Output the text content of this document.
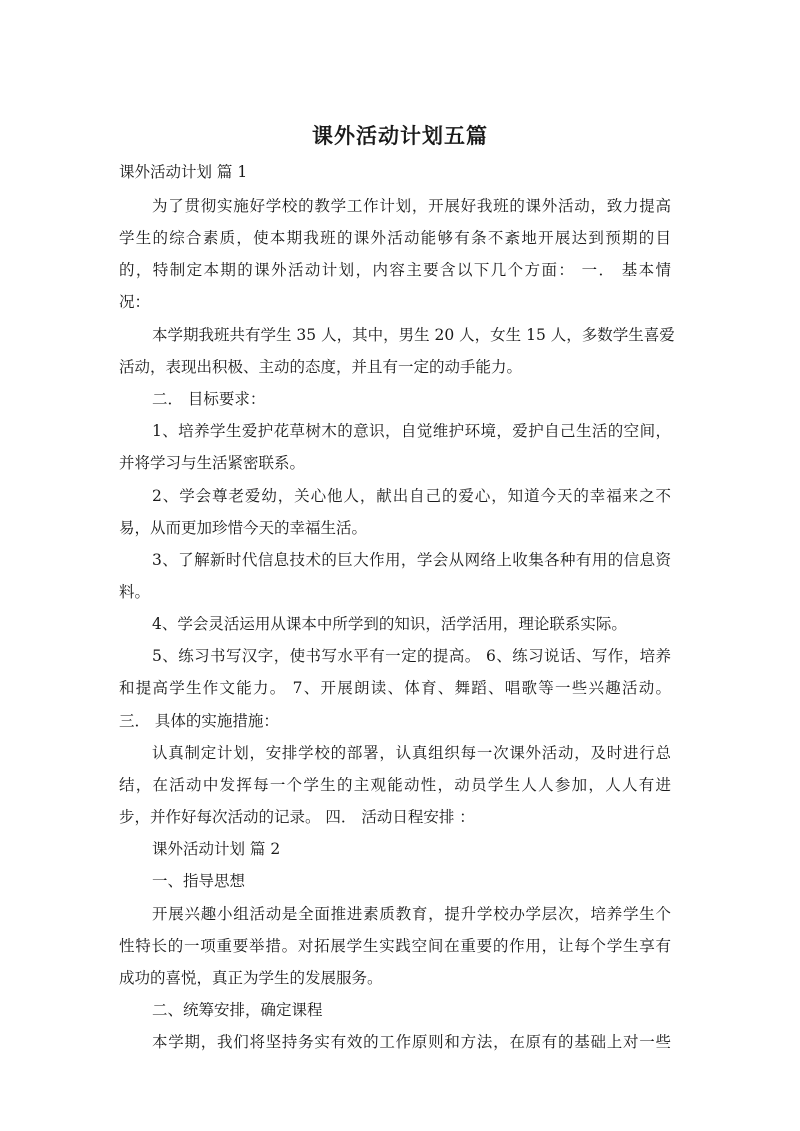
课外活动计划五篇
课外活动计划 篇 1
为了贯彻实施好学校的教学工作计划，开展好我班的课外活动，致力提高
学生的综合素质，使本期我班的课外活动能够有条不紊地开展达到预期的目
的，特制定本期的课外活动计划，内容主要含以下几个方面： 一． 基本情
况：
本学期我班共有学生 35 人，其中，男生 20 人，女生 15 人，多数学生喜爱
活动，表现出积极、主动的态度，并且有一定的动手能力。
二． 目标要求：
1、培养学生爱护花草树木的意识，自觉维护环境，爱护自己生活的空间，
并将学习与生活紧密联系。
2、学会尊老爱幼，关心他人，献出自己的爱心，知道今天的幸福来之不
易，从而更加珍惜今天的幸福生活。
3、了解新时代信息技术的巨大作用，学会从网络上收集各种有用的信息资
料。
4、学会灵活运用从课本中所学到的知识，活学活用，理论联系实际。
5、练习书写汉字，使书写水平有一定的提高。 6、练习说话、写作，培养
和提高学生作文能力。 7、开展朗读、体育、舞蹈、唱歌等一些兴趣活动。
三． 具体的实施措施：
认真制定计划，安排学校的部署，认真组织每一次课外活动，及时进行总
结，在活动中发挥每一个学生的主观能动性，动员学生人人参加，人人有进
步，并作好每次活动的记录。 四． 活动日程安排 ：
课外活动计划 篇 2
一、指导思想
开展兴趣小组活动是全面推进素质教育，提升学校办学层次，培养学生个
性特长的一项重要举措。对拓展学生实践空间在重要的作用，让每个学生享有
成功的喜悦，真正为学生的发展服务。
二、统筹安排，确定课程
本学期，我们将坚持务实有效的工作原则和方法，在原有的基础上对一些
